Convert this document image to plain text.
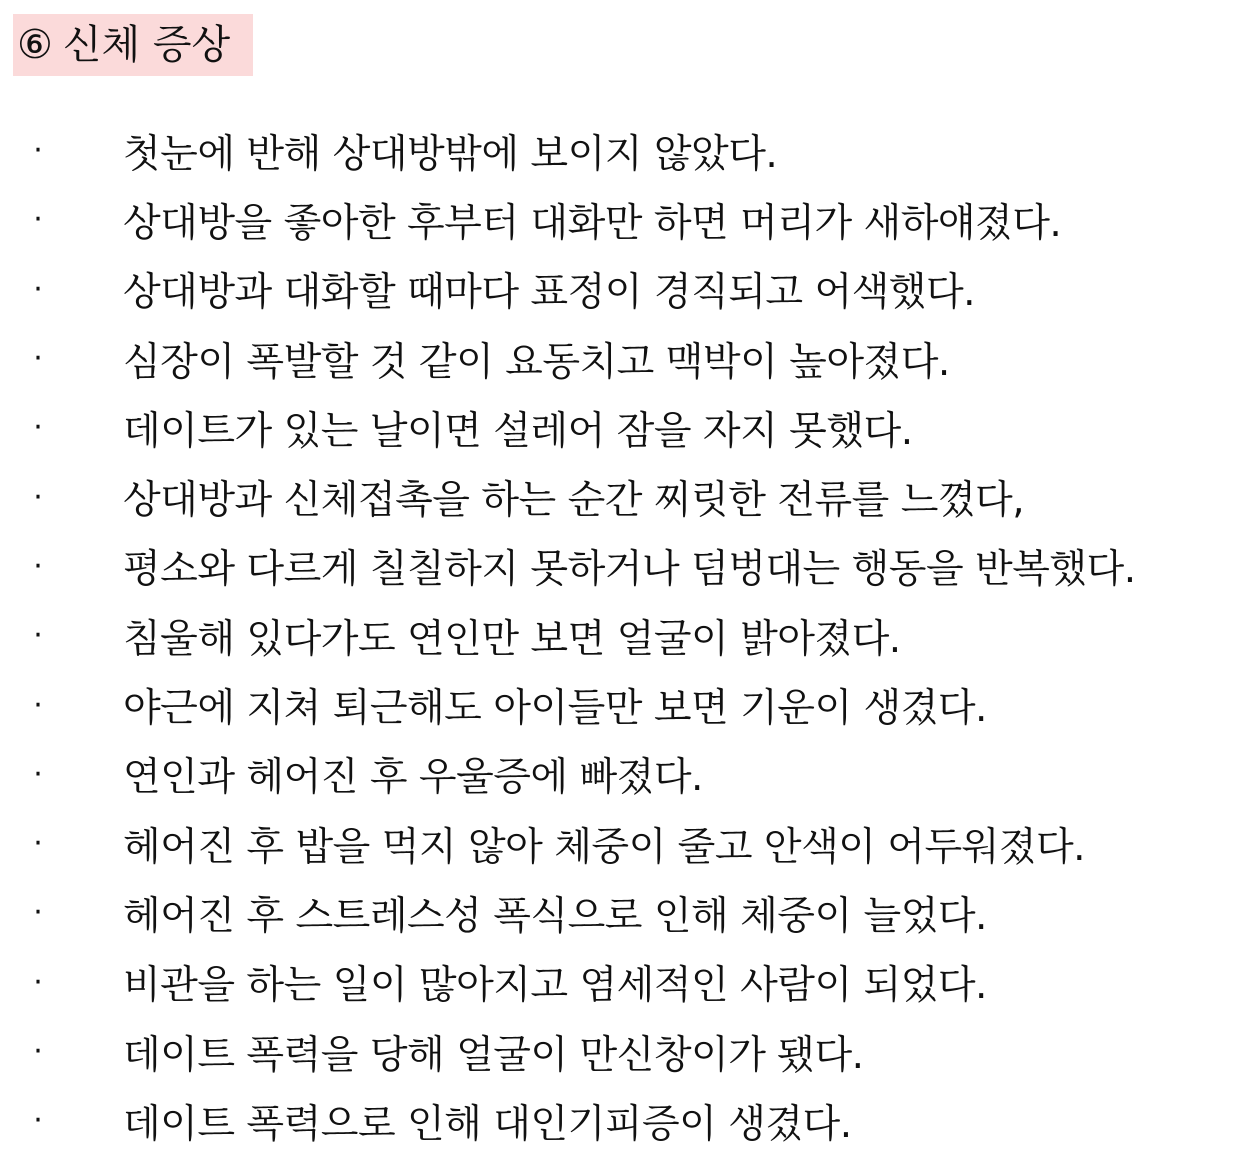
⑥ 신체 증상
· 첫눈에 반해 상대방밖에 보이지 않았다.
· 상대방을 좋아한 후부터 대화만 하면 머리가 새하얘졌다.
· 상대방과 대화할 때마다 표정이 경직되고 어색했다.
· 심장이 폭발할 것 같이 요동치고 맥박이 높아졌다.
· 데이트가 있는 날이면 설레어 잠을 자지 못했다.
· 상대방과 신체접촉을 하는 순간 찌릿한 전류를 느꼈다,
· 평소와 다르게 칠칠하지 못하거나 덤벙대는 행동을 반복했다.
· 침울해 있다가도 연인만 보면 얼굴이 밝아졌다.
· 야근에 지쳐 퇴근해도 아이들만 보면 기운이 생겼다.
· 연인과 헤어진 후 우울증에 빠졌다.
· 헤어진 후 밥을 먹지 않아 체중이 줄고 안색이 어두워졌다.
· 헤어진 후 스트레스성 폭식으로 인해 체중이 늘었다.
· 비관을 하는 일이 많아지고 염세적인 사람이 되었다.
· 데이트 폭력을 당해 얼굴이 만신창이가 됐다.
· 데이트 폭력으로 인해 대인기피증이 생겼다.
